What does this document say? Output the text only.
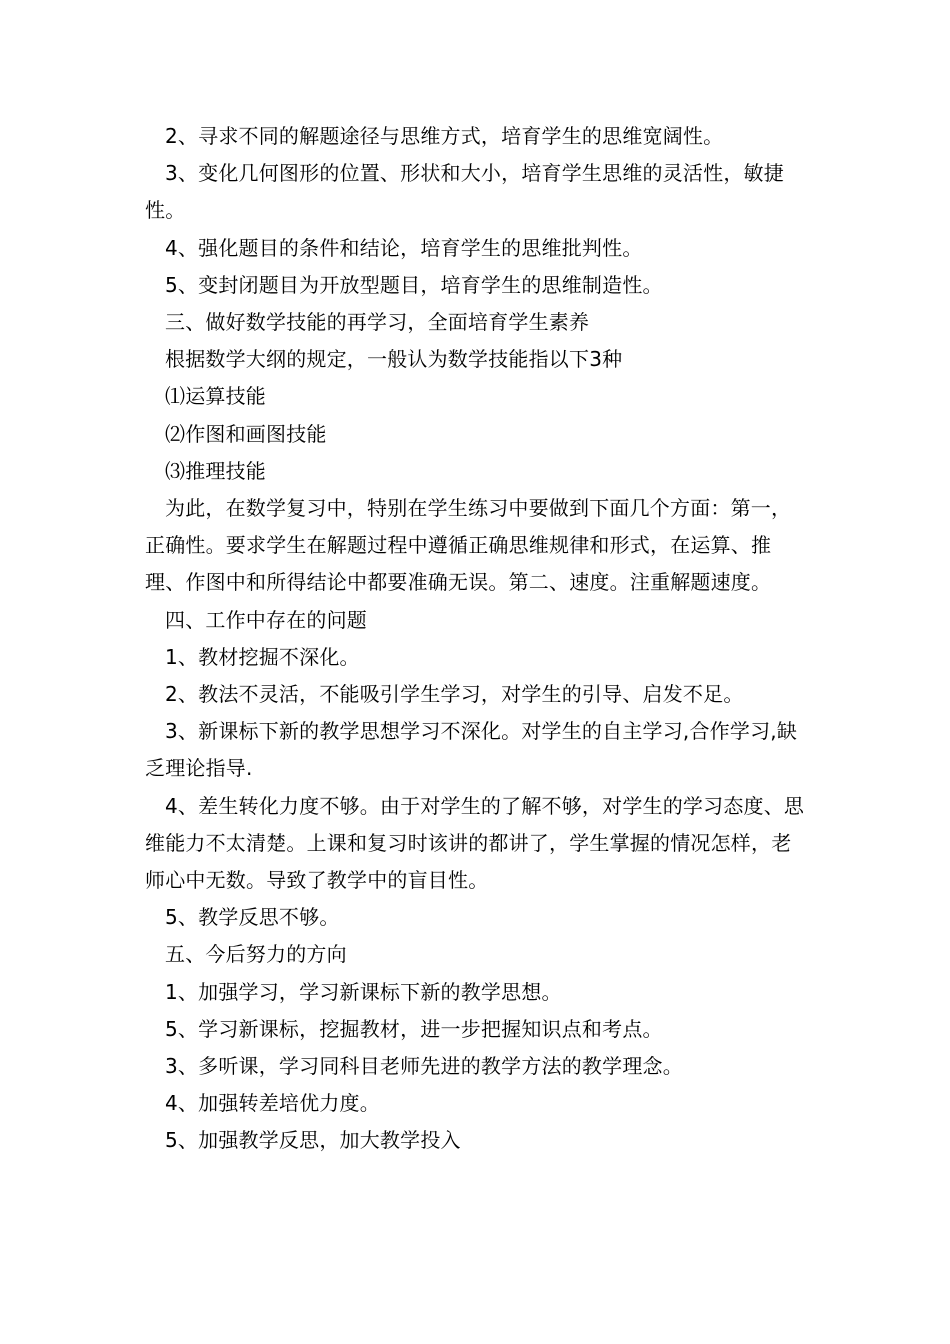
2、寻求不同的解题途径与思维方式，培育学生的思维宽阔性。

3、变化几何图形的位置、形状和大小，培育学生思维的灵活性，敏捷性。

4、强化题目的条件和结论，培育学生的思维批判性。

5、变封闭题目为开放型题目，培育学生的思维制造性。

三、做好数学技能的再学习，全面培育学生素养

根据数学大纲的规定，一般认为数学技能指以下3种

⑴运算技能

⑵作图和画图技能

⑶推理技能

为此，在数学复习中，特别在学生练习中要做到下面几个方面：第一，正确性。要求学生在解题过程中遵循正确思维规律和形式，在运算、推理、作图中和所得结论中都要准确无误。第二、速度。注重解题速度。

四、工作中存在的问题

1、教材挖掘不深化。

2、教法不灵活，不能吸引学生学习，对学生的引导、启发不足。

3、新课标下新的教学思想学习不深化。对学生的自主学习,合作学习,缺乏理论指导.

4、差生转化力度不够。由于对学生的了解不够，对学生的学习态度、思维能力不太清楚。上课和复习时该讲的都讲了，学生掌握的情况怎样，老师心中无数。导致了教学中的盲目性。

5、教学反思不够。

五、今后努力的方向

1、加强学习，学习新课标下新的教学思想。

5、学习新课标，挖掘教材，进一步把握知识点和考点。

3、多听课，学习同科目老师先进的教学方法的教学理念。

4、加强转差培优力度。

5、加强教学反思，加大教学投入
